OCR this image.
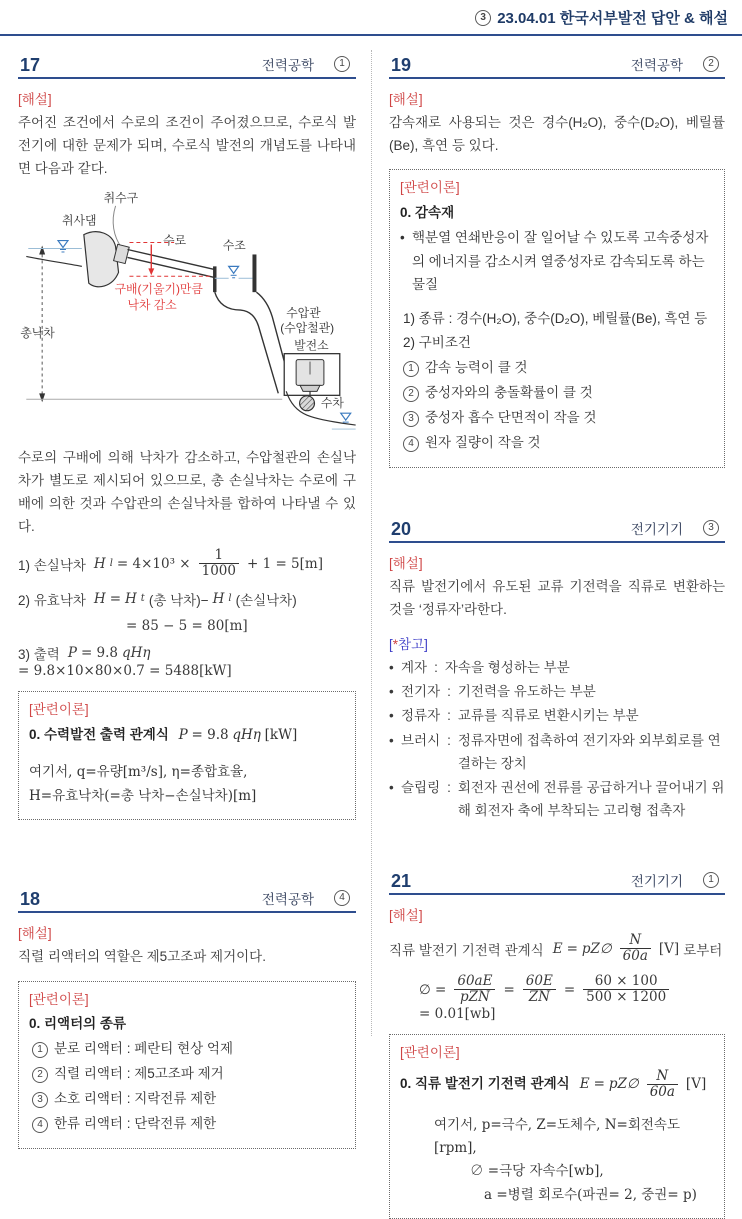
3 23.04.01 한국서부발전 답안 & 해설
17	전력공학	1
[해설]
주어진 조건에서 수로의 조건이 주어졌으므로, 수로식 발전기에 대한 문제가 되며, 수로식 발전의 개념도를 나타내면 다음과 같다.
총낙차
취사댐
취수구
수로
구배(기울기)만큼
낙차 감소
수조
수압관
(수압철관)
발전소
수차
수로의 구배에 의해 낙차가 감소하고, 수압철관의 손실낙차가 별도로 제시되어 있으므로, 총 손실낙차는 수로에 구배에 의한 것과 수압관의 손실낙차를 합하여 나타낼 수 있다.
1) 손실낙차 H $l = 4\times 10^3 \times \frac{1}{1000} + 1 = 5[m]$
2) 유효낙차 H = H t (총 낙차)− H l (손실낙차)
= 85 − 5 = 80[m]
3) 출력 P = 9.8 qHη
= 9.8×10×80×0.7 = 5488[kW]
[관련이론]
0. 수력발전 출력 관계식 P = 9.8 qHη [kW]
여기서, q=유량[m³/s], η=종합효율,
H=유효낙차(=총 낙차−손실낙차)[m]
18	전력공학	4
[해설]
직렬 리액터의 역할은 제5고조파 제거이다.
[관련이론]
0. 리액터의 종류
1 분로 리액터 : 페란티 현상 억제
2 직렬 리액터 : 제5고조파 제거
3 소호 리액터 : 지락전류 제한
4 한류 리액터 : 단락전류 제한
19	전력공학	2
[해설]
감속재로 사용되는 것은 경수(H₂O), 중수(D₂O), 베릴률(Be), 흑연 등 있다.
[관련이론]
0. 감속재
• 핵분열 연쇄반응이 잘 일어날 수 있도록 고속중성자의 에너지를 감소시켜 열중성자로 감속되도록 하는 물질
1) 종류 : 경수(H₂O), 중수(D₂O), 베릴률(Be), 흑연 등
2) 구비조건
1 감속 능력이 클 것
2 중성자와의 충돌확률이 클 것
3 중성자 흡수 단면적이 작을 것
4 원자 질량이 작을 것
20	전기기기	3
[해설]
직류 발전기에서 유도된 교류 기전력을 직류로 변환하는 것을 ‘정류자’라한다.
[*참고]
• 계자 : 자속을 형성하는 부분
• 전기자 : 기전력을 유도하는 부분
• 정류자 : 교류를 직류로 변환시키는 부분
• 브러시 : 정류자면에 접촉하여 전기자와 외부회로를 연결하는 장치
• 슬립링 : 회전자 권선에 전류를 공급하거나 끌어내기 위해 회전자 축에 부착되는 고리형 접촉자
21	전기기기	1
[해설]
직류 발전기 기전력 관계식 E = pZ∅ $\frac{N}{60a} [V]$ 로부터
∅ = $\frac{60aE}{\text{pZN}} = \frac{60E}{ZN} = \frac{60 \times 100}{500 \times 1200}$
= 0.01[wb]
[관련이론]
0. 직류 발전기 기전력 관계식 E = pZ∅ $\frac{N}{60a} [V]$
여기서, p=극수, Z=도체수, N=회전속도[rpm],
∅ =극당 자속수[wb],
a =병렬 회로수(파권= 2, 중권= p)
